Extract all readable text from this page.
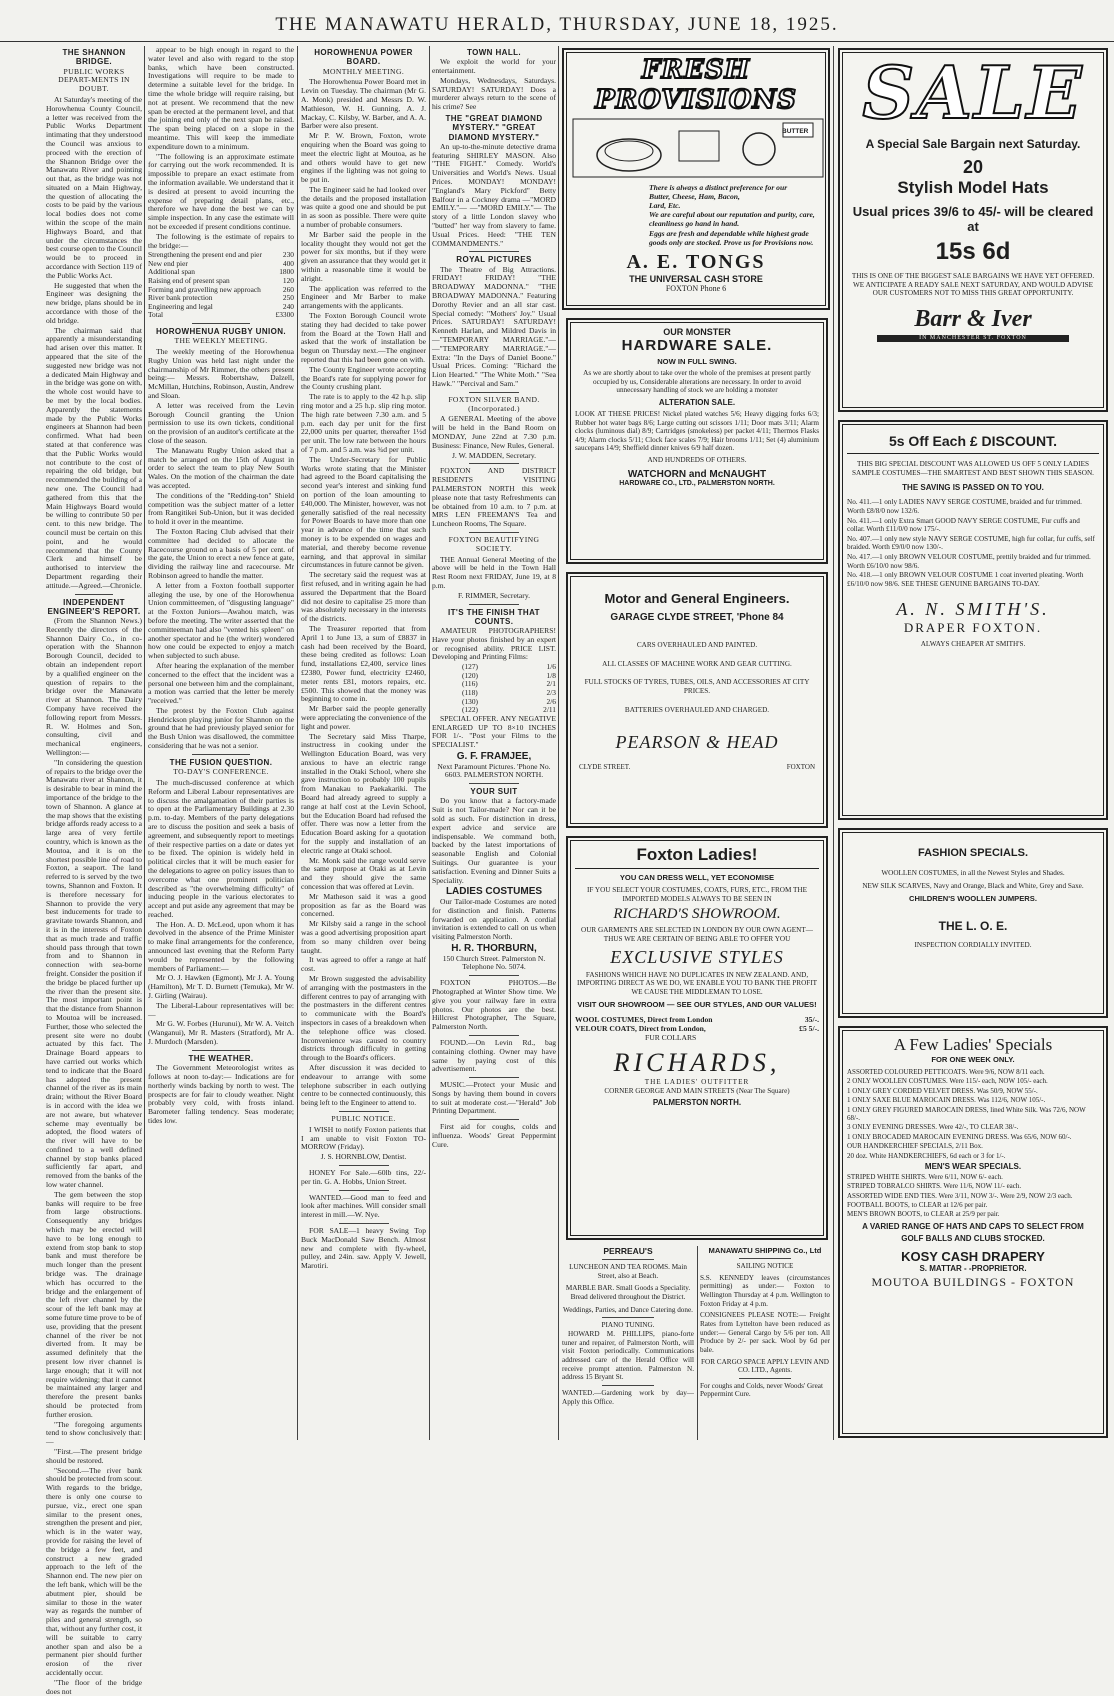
THE MANAWATU HERALD, THURSDAY, JUNE 18, 1925.
THE SHANNON BRIDGE.
PUBLIC WORKS DEPART-MENTS IN DOUBT.

At Saturday's meeting of the Horowhenua County Council, a letter was received from the Public Works Department intimating that they understood the Council was anxious to proceed with the erection of the Shannon Bridge over the Manawatu River and pointing out that, as the bridge was not situated on a Main Highway, the question of allocating the costs to be paid by the various local bodies does not come within the scope of the main Highways Board, and that under the circumstances the best course open to the Council would be to proceed in accordance with Section 119 of the Public Works Act.

He suggested that when the Engineer was designing the new bridge, plans should be in accordance with those of the old bridge.

The chairman said that apparently a misunderstanding had arisen over this matter. It appeared that the site of the suggested new bridge was not a dedicated Main Highway and in the bridge was gone on with, the whole cost would have to be met by the local bodies. Apparently the statements made by the Public Works engineers at Shannon had been confirmed. What had been stated at that conference was that the Public Works would not contribute to the cost of repairing the old bridge, but recommended the building of a new one. The Council had gathered from this that the Main Highways Board would be willing to contribute 50 per cent. to this new bridge. The council must be certain on this point, and he would recommend that the County Clerk and himself be authorised to interview the Department regarding their attitude.—Agreed.—Chronicle.

INDEPENDENT ENGINEER'S REPORT.

(From the Shannon News.) Recently the directors of the Shannon Dairy Co., in co-operation with the Shannon Borough Council, decided to obtain an independent report by a qualified engineer on the question of repairs to the bridge over the Manawatu river at Shannon. The Dairy Company have received the following report from Messrs. R. W. Holmes and Son, consulting, civil and mechanical engineers, Wellington:—

"In considering the question of repairs to the bridge over the Manawatu river at Shannon, it is desirable to bear in mind the importance of the bridge to the town of Shannon. A glance at the map shows that the existing bridge affords ready access to a large area of very fertile country, which is known as the Moutoa, and it is on the shortest possible line of road to Foxton, a seaport. The land referred to is served by the two towns, Shannon and Foxton. It is therefore necessary for Shannon to provide the very best inducements for trade to gravitate towards Shannon, and it is in the interests of Foxton that as much trade and traffic should pass through that town from and to Shannon in connection with sea-borne freight. Consider the position if the bridge be placed further up the river than the present site. The most important point is that the distance from Shannon to Moutoa will be increased. Further, those who selected the present site were no doubt actuated by this fact. The Drainage Board appears to have carried out works which tend to indicate that the Board has adopted the present channel of the river as its main drain; without the River Board is in accord with the idea we are not aware, but whatever scheme may eventually be adopted, the flood waters of the river will have to be confined to a well defined channel by stop banks placed sufficiently far apart, and removed from the banks of the low water channel.

The gem between the stop banks will require to be free from large obstructions. Consequently any bridges which may be erected will have to be long enough to extend from stop bank to stop bank and must therefore be much longer than the present bridge was. The drainage which has occurred to the bridge and the enlargement of the left river channel by the scour of the left bank may at some future time prove to be of use, providing that the present channel of the river be not diverted from. It may be assumed definitely that the present low river channel is large enough; that it will not require widening; that it cannot be maintained any larger and therefore the present banks should be protected from further erosion.

"The foregoing arguments tend to show conclusively that:—

"First.—The present bridge should be restored.

"Second.—The river bank should be protected from scour. With regards to the bridge, there is only one course to pursue, viz., erect one span similar to the present ones, strengthen the present and pier, which is in the water way, provide for raising the level of the bridge a few feet, and construct a new graded approach to the left of the Shannon end. The new pier on the left bank, which will be the abutment pier, should be similar to those in the water way as regards the number of piles and general strength, so that, without any further cost, it will be suitable to carry another span and also be a permanent pier should further erosion of the river accidentally occur.

"The floor of the bridge does not

appear to be high enough in regard to the water level and also with regard to the stop banks, which have been constructed. Investigations will require to be made to determine a suitable level for the bridge. In time the whole bridge will require raising, but not at present. We recommend that the new span be erected at the permanent level, and that the joining end only of the next span be raised. The span being placed on a slope in the meantime. This will keep the immediate expenditure down to a minimum.

"The following is an approximate estimate for carrying out the work recommended. It is impossible to prepare an exact estimate from the information available. We understand that it is desired at present to avoid incurring the expense of preparing detail plans, etc., therefore we have done the best we can by simple inspection. In any case the estimate will not be exceeded if present conditions continue.

The following is the estimate of repairs to the bridge:—

Strengthening the present end and pier	230
New end pier	400
Additional span	1800
Raising end of present span	120
Forming and gravelling new approach	260
River bank protection	250
Engineering and legal	240
Total	£3300
HOROWHENUA RUGBY UNION.
THE WEEKLY MEETING.

The weekly meeting of the Horowhenua Rugby Union was held last night under the chairmanship of Mr Rimmer, the others present being:— Messrs. Robertshaw, Dalzell, McMillan, Hutchins, Robinson, Austin, Andrew and Sloan.

A letter was received from the Levin Borough Council granting the Union permission to use its own tickets, conditional on the provision of an auditor's certificate at the close of the season.

The Manawatu Rugby Union asked that a match be arranged on the 15th of August in order to select the team to play New South Wales. On the motion of the chairman the date was accepted.

The conditions of the "Redding-ton" Shield competition was the subject matter of a letter from Rangitikei Sub-Union, but it was decided to hold it over in the meantime.

The Foxton Racing Club advised that their committee had decided to allocate the Racecourse ground on a basis of 5 per cent. of the gate, the Union to erect a new fence at gate, dividing the railway line and racecourse. Mr Robinson agreed to handle the matter.

A letter from a Foxton football supporter alleging the use, by one of the Horowhenua Union committeemen, of "disgusting language" at the Foxton Juniors—Awahou match, was before the meeting. The writer asserted that the committeeman had also "vented his spleen" on another spectator and he (the writer) wondered how one could be expected to enjoy a match when subjected to such abuse.

After hearing the explanation of the member concerned to the effect that the incident was a personal one between him and the complainant, a motion was carried that the letter be merely "received."

The protest by the Foxton Club against Hendrickson playing junior for Shannon on the ground that he had previously played senior for the Bush Union was disallowed, the committee considering that he was not a senior.

THE FUSION QUESTION.
TO-DAY'S CONFERENCE.

The much-discussed conference at which Reform and Liberal Labour representatives are to discuss the amalgamation of their parties is to open at the Parliamentary Buildings at 2.30 p.m. to-day. Members of the party delegations are to discuss the position and seek a basis of agreement, and subsequently report to meetings of their respective parties on a date or dates yet to be fixed. The opinion is widely held in political circles that it will be much easier for the delegations to agree on policy issues than to overcome what one prominent politician described as "the overwhelming difficulty" of inducing people in the various electorates to accept and put aside any agreement that may be reached.

The Hon. A. D. McLeod, upon whom it has devolved in the absence of the Prime Minister to make final arrangements for the conference, announced last evening that the Reform Party would be represented by the following members of Parliament:—

Mr O. J. Hawken (Egmont), Mr J. A. Young (Hamilton), Mr T. D. Burnett (Temuka), Mr W. J. Girling (Wairau).

The Liberal-Labour representatives will be:—

Mr G. W. Forbes (Hurunui), Mr W. A. Veitch (Wanganui), Mr R. Masters (Stratford), Mr A. J. Murdoch (Marsden).

THE WEATHER.

The Government Meteorologist writes as follows at noon to-day:— Indications are for northerly winds backing by north to west. The prospects are for fair to cloudy weather. Night probably very cold, with frosts inland. Barometer falling tendency. Seas moderate; tides low.

HOROWHENUA POWER BOARD.
MONTHLY MEETING.

The Horowhenua Power Board met in Levin on Tuesday. The chairman (Mr G. A. Monk) presided and Messrs D. W. Mathieson, W. H. Gunning, A. J. Mackay, C. Kilsby, W. Barber, and A. A. Barber were also present.

Mr P. W. Brown, Foxton, wrote enquiring when the Board was going to meet the electric light at Moutoa, as he and others would have to get new engines if the lighting was not going to be put in.

The Engineer said he had looked over the details and the proposed installation was quite a good one and should be put in as soon as possible. There were quite a number of probable consumers.

Mr Barber said the people in the locality thought they would not get the power for six months, but if they were given an assurance that they would get it within a reasonable time it would be alright.

The application was referred to the Engineer and Mr Barber to make arrangements with the applicants.

The Foxton Borough Council wrote stating they had decided to take power from the Board at the Town Hall and asked that the work of installation be begun on Thursday next.—The engineer reported that this had been gone on with.

The County Engineer wrote accepting the Board's rate for supplying power for the County crushing plant.

The rate is to apply to the 42 h.p. slip ring motor and a 25 h.p. slip ring motor. The high rate between 7.30 a.m. and 5 p.m. each day per unit for the first 22,000 units per quarter, thereafter 1½d per unit. The low rate between the hours of 7 p.m. and 5 a.m. was ¾d per unit.

The Under-Secretary for Public Works wrote stating that the Minister had agreed to the Board capitalising the second year's interest and sinking fund on portion of the loan amounting to £40,000. The Minister, however, was not generally satisfied of the real necessity for Power Boards to have more than one year in advance of the time that such money is to be expended on wages and material, and thereby become revenue earning, and that approval in similar circumstances in future cannot be given.

The secretary said the request was at first refused, and in writing again he had assured the Department that the Board did not desire to capitalise 25 more than was absolutely necessary in the interests of the districts.

The Treasurer reported that from April 1 to June 13, a sum of £8837 in cash had been received by the Board, these being credited as follows: Loan fund, installations £2,400, service lines £2380, Power fund, electricity £2460, meter rents £81, motors repairs, etc. £500. This showed that the money was beginning to come in.

Mr Barber said the people generally were appreciating the convenience of the light and power.

The Secretary said Miss Tharpe, instructress in cooking under the Wellington Education Board, was very anxious to have an electric range installed in the Otaki School, where she gave instruction to probably 100 pupils from Manakau to Paekakariki. The Board had already agreed to supply a range at half cost at the Levin School, but the Education Board had refused the offer. There was now a letter from the Education Board asking for a quotation for the supply and installation of an electric range at Otaki school.

Mr. Monk said the range would serve the same purpose at Otaki as at Levin and they should give the same concession that was offered at Levin.

Mr Matheson said it was a good proposition as far as the Board was concerned.

Mr Kilsby said a range in the school was a good advertising proposition apart from so many children over being taught.

It was agreed to offer a range at half cost.

Mr Brown suggested the advisability of arranging with the postmasters in the different centres to pay of arranging with the postmasters in the different centres to communicate with the Board's inspectors in cases of a breakdown when the telephone office was closed. Inconvenience was caused to country districts through difficulty in getting through to the Board's officers.

After discussion it was decided to endeavour to arrange with some telephone subscriber in each outlying centre to be connected continuously, this being left to the Engineer to attend to.

PUBLIC NOTICE.

I WISH to notify Foxton patients that I am unable to visit Foxton TO-MORROW (Friday).

J. S. HORNBLOW, Dentist.

HONEY For Sale.—60lb tins, 22/- per tin. G. A. Hobbs, Union Street.

WANTED.—Good man to feed and look after machines. Will consider small interest in mill.—W. Nye.

FOR SALE—1 heavy Swing Top Buck MacDonald Saw Bench. Almost new and complete with fly-wheel, pulley, and 24in. saw. Apply V. Jewell, Marotiri.

TOWN HALL.

We exploit the world for your entertainment.

Mondays, Wednesdays, Saturdays. SATURDAY! SATURDAY! Does a murderer always return to the scene of his crime? See

THE "GREAT DIAMOND MYSTERY." "GREAT DIAMOND MYSTERY."

An up-to-the-minute detective drama featuring SHIRLEY MASON. Also "THE FIGHT." Comedy. World's Universities and World's News. Usual Prices. MONDAY! MONDAY! "England's Mary Pickford" Betty Balfour in a Cockney drama —"MORD EMILY."— —"MORD EMILY."— The story of a little London slavey who "butted" her way from slavery to fame. Usual Prices. Heed: "THE TEN COMMANDMENTS."

ROYAL PICTURES

The Theatre of Big Attractions. FRIDAY! FRIDAY! "THE BROADWAY MADONNA." "THE BROADWAY MADONNA." Featuring Dorothy Revier and an all star cast. Special comedy: "Mothers' Joy." Usual Prices. SATURDAY! SATURDAY! Kenneth Harlan, and Mildred Davis in —"TEMPORARY MARRIAGE."— —"TEMPORARY MARRIAGE."— Extra: "In the Days of Daniel Boone." Usual Prices. Coming: "Richard the Lion Hearted." "The White Moth." "Sea Hawk." "Percival and Sam."

FOXTON SILVER BAND. (Incorporated.)

A GENERAL Meeting of the above will be held in the Band Room on MONDAY, June 22nd at 7.30 p.m. Business: Finance, New Rules, General.

J. W. MADDEN, Secretary.

FOXTON AND DISTRICT RESIDENTS VISITING PALMERSTON NORTH this week please note that tasty Refreshments can be obtained from 10 a.m. to 7 p.m. at MRS LEN FREEMAN'S Tea and Luncheon Rooms, The Square.

FOXTON BEAUTIFYING SOCIETY.

THE Annual General Meeting of the above will be held in the Town Hall Rest Room next FRIDAY, June 19, at 8 p.m.

F. RIMMER, Secretary.
IT'S THE FINISH THAT COUNTS.

AMATEUR PHOTOGRAPHERS! Have your photos finished by an expert or recognised ability. PRICE LIST. Developing and Printing Films:

(127)	1/6
(120)	1/8
(116)	2/1
(118)	2/3
(130)	2/6
(122)	2/11

SPECIAL OFFER. ANY NEGATIVE ENLARGED UP TO 8×10 INCHES FOR 1/-. "Post your Films to the SPECIALIST."

G. F. FRAMJEE,
Next Paramount Pictures. 'Phone No. 6603. PALMERSTON NORTH.
YOUR SUIT

Do you know that a factory-made Suit is not Tailor-made? Nor can it be sold as such. For distinction in dress, expert advice and service are indispensable. We command both, backed by the latest importations of seasonable English and Colonial Suitings. Our guarantee is your satisfaction. Evening and Dinner Suits a Speciality.

LADIES COSTUMES

Our Tailor-made Costumes are noted for distinction and finish. Patterns forwarded on application. A cordial invitation is extended to call on us when visiting Palmerston North.

H. R. THORBURN,
150 Church Street. Palmerston N. Telephone No. 5074.

FOXTON PHOTOS.—Be Photographed at Winter Show time. We give you your railway fare in extra photos. Our photos are the best. Hillcrest Photographer, The Square, Palmerston North.

FOUND.—On Levin Rd., bag containing clothing. Owner may have same by paying cost of this advertisement.

MUSIC.—Protect your Music and Songs by having them bound in covers to suit at moderate cost.—"Herald" Job Printing Department.

First aid for coughs, colds and influenza. Woods' Great Peppermint Cure.

FRESH PROVISIONS
BUTTER
There is always a distinct preference for our
Butter, Cheese, Ham, Bacon,
Lard, Etc.
We are careful about our reputation and purity, care, cleanliness go hand in hand.
Eggs are fresh and dependable while highest grade goods only are stocked. Prove us for Provisions now.
A. E. TONGS
THE UNIVERSAL CASH STORE
FOXTON Phone 6
OUR MONSTER
HARDWARE SALE.
NOW IN FULL SWING.
As we are shortly about to take over the whole of the premises at present partly occupied by us, Considerable alterations are necessary. In order to avoid unnecessary handling of stock we are holding a monster
ALTERATION SALE.
LOOK AT THESE PRICES! Nickel plated watches 5/6; Heavy digging forks 6/3; Rubber hot water bags 8/6; Large cutting out scissors 1/11; Door mats 3/11; Alarm clocks (luminous dial) 8/9; Cartridges (smokeless) per packet 4/11; Thermos Flasks 4/9; Alarm clocks 5/11; Clock face scales 7/9; Hair brooms 1/11; Set (4) aluminium saucepans 14/9; Sheffield dinner knives 6/9 half dozen.
AND HUNDREDS OF OTHERS.
WATCHORN and McNAUGHT
HARDWARE CO., LTD., PALMERSTON NORTH.
Motor and General Engineers.
GARAGE CLYDE STREET, 'Phone 84
CARS OVERHAULED AND PAINTED.
ALL CLASSES OF MACHINE WORK AND GEAR CUTTING.
FULL STOCKS OF TYRES, TUBES, OILS, AND ACCESSORIES AT CITY PRICES.
BATTERIES OVERHAULED AND CHARGED.
PEARSON & HEAD
CLYDE STREET.	FOXTON
Foxton Ladies!
YOU CAN DRESS WELL, YET ECONOMISE
IF YOU SELECT YOUR COSTUMES, COATS, FURS, ETC., FROM THE IMPORTED MODELS ALWAYS TO BE SEEN IN
RICHARD'S SHOWROOM.
OUR GARMENTS ARE SELECTED IN LONDON BY OUR OWN AGENT—THUS WE ARE CERTAIN OF BEING ABLE TO OFFER YOU
EXCLUSIVE STYLES
FASHIONS WHICH HAVE NO DUPLICATES IN NEW ZEALAND. AND, IMPORTING DIRECT AS WE DO, WE ENABLE YOU TO BANK THE PROFIT WE CAUSE THE MIDDLEMAN TO LOSE.
VISIT OUR SHOWROOM — SEE OUR STYLES, AND OUR VALUES!
WOOL COSTUMES, Direct from London	35/-.
VELOUR COATS, Direct from London,	£5 5/-.
FUR COLLARS
RICHARDS,
THE LADIES' OUTFITTER
CORNER GEORGE AND MAIN STREETS (Near The Square)
PALMERSTON NORTH.
PERREAU'S
LUNCHEON AND TEA ROOMS. Main Street, also at Beach.
MARBLE BAR. Small Goods a Speciality. Bread delivered throughout the District.
Weddings, Parties, and Dance Catering done.
PIANO TUNING.

HOWARD M. PHILLIPS, piano-forte tuner and repairer, of Palmerston North, will visit Foxton periodically. Communications addressed care of the Herald Office will receive prompt attention. Palmerston N. address 15 Bryant St.

WANTED.—Gardening work by day—Apply this Office.

MANAWATU SHIPPING Co., Ltd
SAILING NOTICE

S.S. KENNEDY leaves (circumstances permitting) as under:— Foxton to Wellington Thursday at 4 p.m. Wellington to Foxton Friday at 4 p.m.

CONSIGNEES PLEASE NOTE:— Freight Rates from Lyttelton have been reduced as under:— General Cargo by 5/6 per ton. All Produce by 2/- per sack. Wool by 6d per bale.

FOR CARGO SPACE APPLY LEVIN AND CO. LTD., Agents.

For coughs and Colds, never Woods' Great Peppermint Cure.

SALE
A Special Sale Bargain next Saturday.
20
Stylish Model Hats
Usual prices 39/6 to 45/- will be cleared at
15s 6d
THIS IS ONE OF THE BIGGEST SALE BARGAINS WE HAVE YET OFFERED. WE ANTICIPATE A READY SALE NEXT SATURDAY, AND WOULD ADVISE OUR CUSTOMERS NOT TO MISS THIS GREAT OPPORTUNITY.
Barr & Iver
IN MANCHESTER ST. FOXTON
5s Off Each £ DISCOUNT.
THIS BIG SPECIAL DISCOUNT WAS ALLOWED US OFF 5 ONLY LADIES SAMPLE COSTUMES—THE SMARTEST AND BEST SHOWN THIS SEASON.
THE SAVING IS PASSED ON TO YOU.
No. 411.—1 only LADIES NAVY SERGE COSTUME, braided and fur trimmed. Worth £8/8/0 now 132/6.
No. 411.—1 only Extra Smart GOOD NAVY SERGE COSTUME, Fur cuffs and collar. Worth £11/0/0 now 175/-.
No. 407.—1 only new style NAVY SERGE COSTUME, high fur collar, fur cuffs, self braided. Worth £9/0/0 now 130/-.
No. 417.—1 only BROWN VELOUR COSTUME, prettily braided and fur trimmed. Worth £6/10/0 now 98/6.
No. 418.—1 only BROWN VELOUR COSTUME 1 coat inverted pleating. Worth £6/10/0 now 98/6. SEE THESE GENUINE BARGAINS TO-DAY.
A. N. SMITH'S.
DRAPER FOXTON.
ALWAYS CHEAPER AT SMITH'S.
FASHION SPECIALS.
WOOLLEN COSTUMES, in all the Newest Styles and Shades.
NEW SILK SCARVES, Navy and Orange, Black and White, Grey and Saxe.
CHILDREN'S WOOLLEN JUMPERS.
THE L. O. E.
INSPECTION CORDIALLY INVITED.
A Few Ladies' Specials
FOR ONE WEEK ONLY.
ASSORTED COLOURED PETTICOATS. Were 9/6, NOW 8/11 each.
2 ONLY WOOLLEN COSTUMES. Were 115/- each, NOW 105/- each.
1 ONLY GREY CORDED VELVET DRESS. Was 50/9, NOW 55/-.
1 ONLY SAXE BLUE MAROCAIN DRESS. Was 112/6, NOW 105/-.
1 ONLY GREY FIGURED MAROCAIN DRESS, lined White Silk. Was 72/6, NOW 68/-.
3 ONLY EVENING DRESSES. Were 42/-, TO CLEAR 38/-.
1 ONLY BROCADED MAROCAIN EVENING DRESS. Was 65/6, NOW 60/-.
OUR HANDKERCHIEF SPECIALS, 2/11 Box.
20 doz. White HANDKERCHIEFS, 6d each or 3 for 1/-.
MEN'S WEAR SPECIALS.
STRIPED WHITE SHIRTS. Were 6/11, NOW 6/- each.
STRIPED TOBRALCO SHIRTS. Were 11/6, NOW 11/- each.
ASSORTED WIDE END TIES. Were 3/11, NOW 3/-. Were 2/9, NOW 2/3 each.
FOOTBALL BOOTS, to CLEAR at 12/6 per pair.
MEN'S BROWN BOOTS, to CLEAR at 25/9 per pair.
A VARIED RANGE OF HATS AND CAPS TO SELECT FROM
GOLF BALLS AND CLUBS STOCKED.
KOSY CASH DRAPERY
S. MATTAR - -PROPRIETOR.
MOUTOA BUILDINGS - FOXTON
